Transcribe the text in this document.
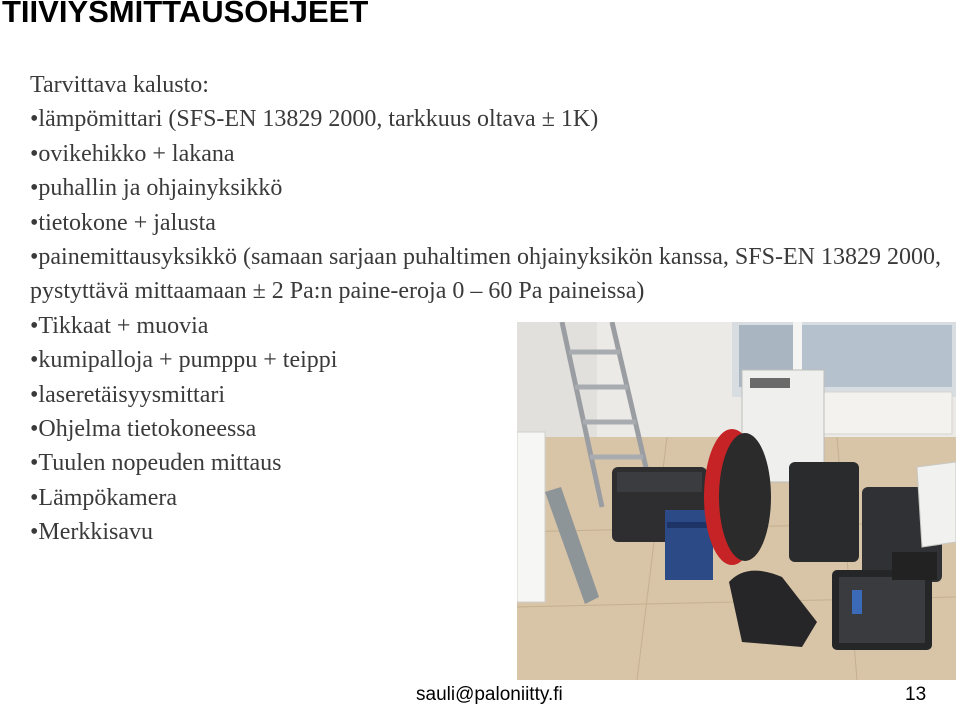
TIIVIYSMITTAUSOHJEET
Tarvittava kalusto:
•lämpömittari (SFS-EN 13829 2000, tarkkuus oltava ± 1K)
•ovikehikko + lakana
•puhallin ja ohjainyksikkö
•tietokone + jalusta
•painemittausyksikkö (samaan sarjaan puhaltimen ohjainyksikön kanssa, SFS-EN 13829 2000, pystyttävä mittaamaan ± 2 Pa:n paine-eroja 0 – 60 Pa paineissa)
•Tikkaat + muovia
•kumipalloja + pumppu + teippi
•laseretäisyysmittari
•Ohjelma tietokoneessa
•Tuulen nopeuden mittaus
•Lämpökamera
•Merkkisavu
sauli@paloniitty.fi	13
